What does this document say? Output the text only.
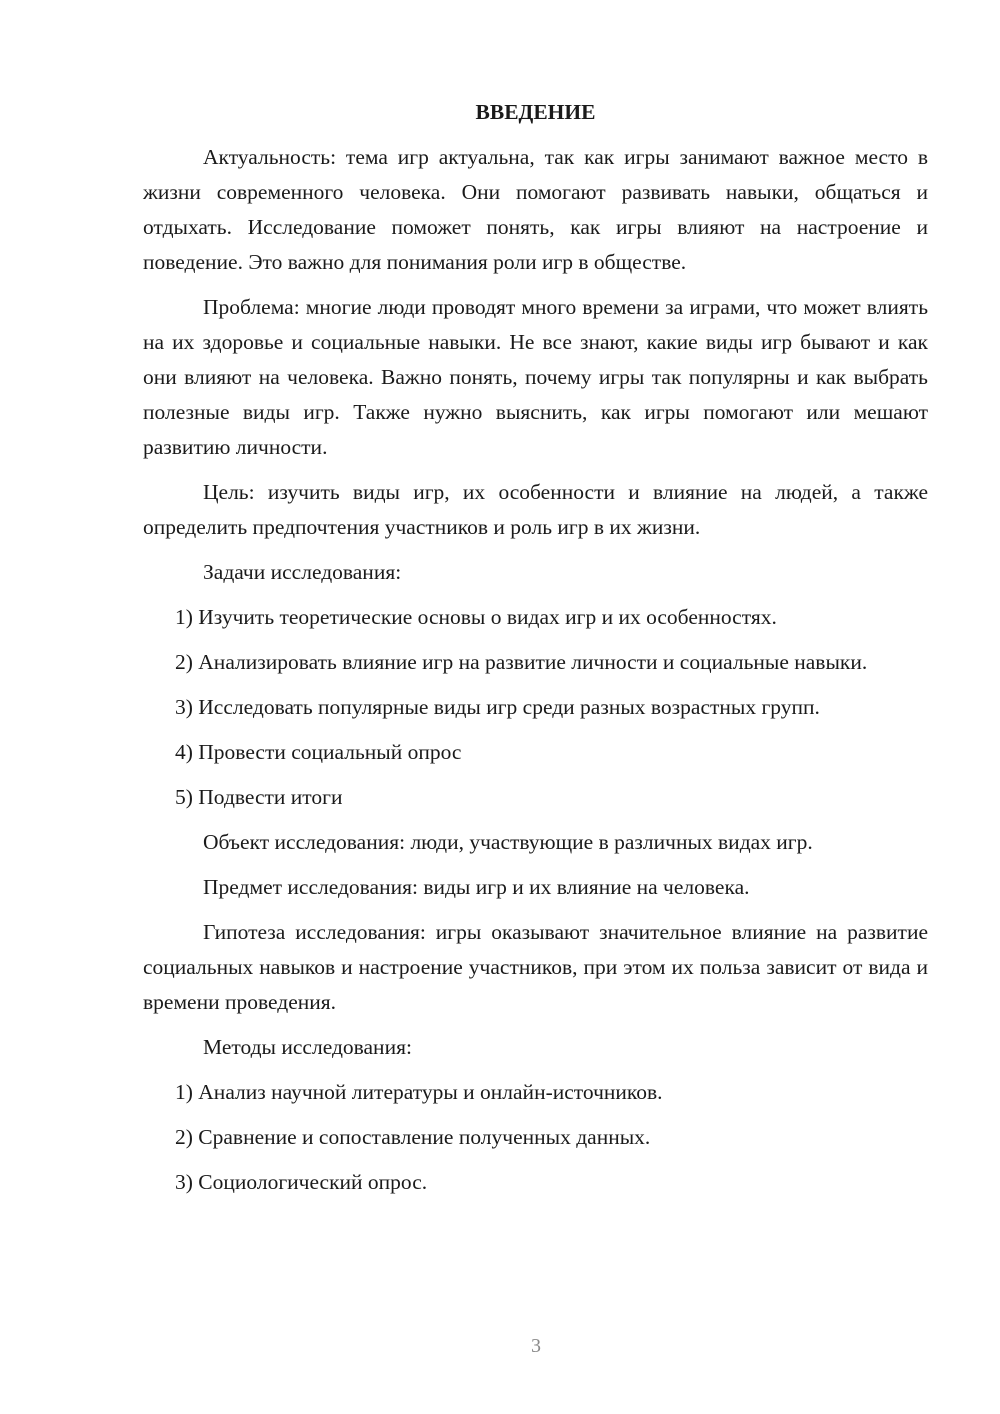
ВВЕДЕНИЕ

Актуальность: тема игр актуальна, так как игры занимают важное место в жизни современного человека. Они помогают развивать навыки, общаться и отдыхать. Исследование поможет понять, как игры влияют на настроение и поведение. Это важно для понимания роли игр в обществе.

Проблема: многие люди проводят много времени за играми, что может влиять на их здоровье и социальные навыки. Не все знают, какие виды игр бывают и как они влияют на человека. Важно понять, почему игры так популярны и как выбрать полезные виды игр. Также нужно выяснить, как игры помогают или мешают развитию личности.

Цель: изучить виды игр, их особенности и влияние на людей, а также определить предпочтения участников и роль игр в их жизни.

Задачи исследования:

1) Изучить теоретические основы о видах игр и их особенностях.

2) Анализировать влияние игр на развитие личности и социальные навыки.

3) Исследовать популярные виды игр среди разных возрастных групп.

4) Провести социальный опрос

5) Подвести итоги

Объект исследования: люди, участвующие в различных видах игр.

Предмет исследования: виды игр и их влияние на человека.

Гипотеза исследования: игры оказывают значительное влияние на развитие социальных навыков и настроение участников, при этом их польза зависит от вида и времени проведения.

Методы исследования:

1) Анализ научной литературы и онлайн-источников.

2) Сравнение и сопоставление полученных данных.

3) Социологический опрос.

3
